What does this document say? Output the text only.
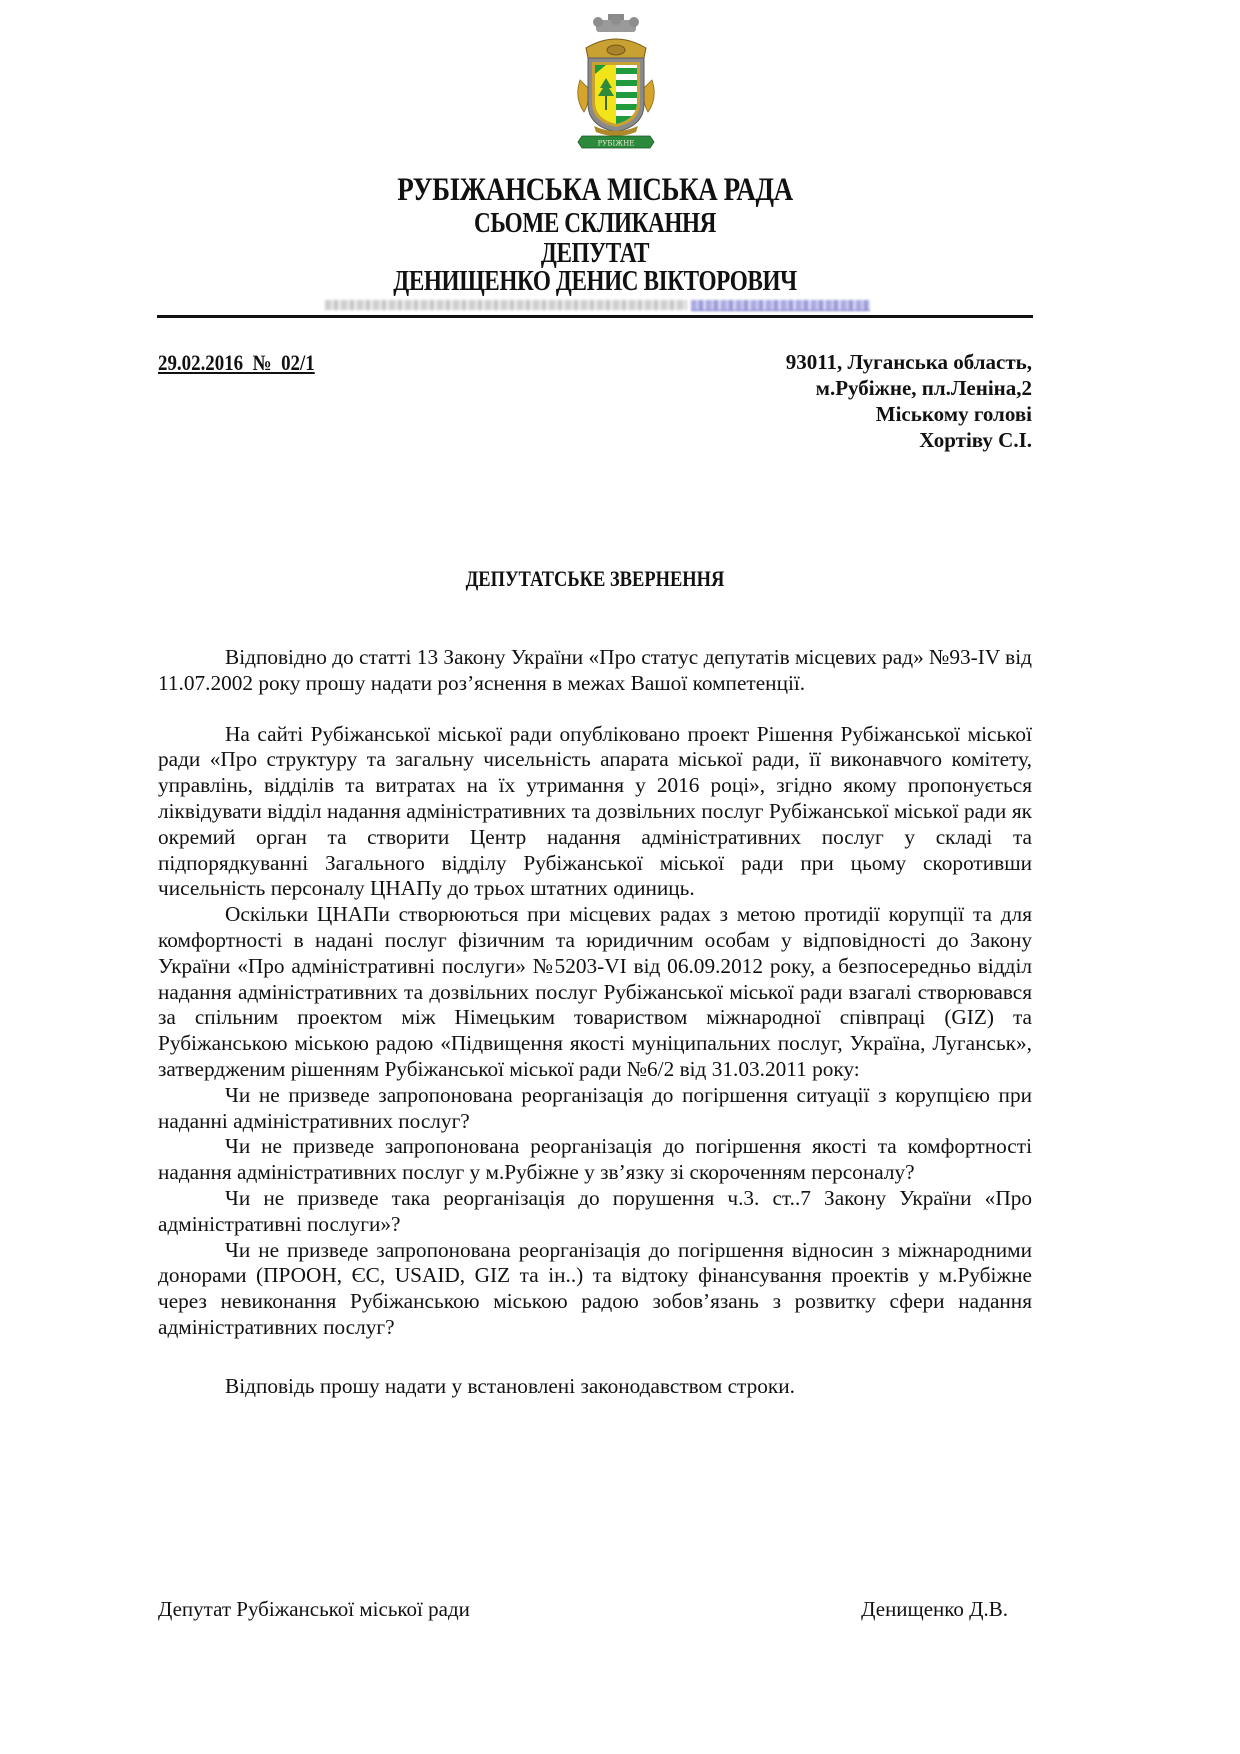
РУБІЖНЕ
РУБІЖАНСЬКА МІСЬКА РАДА
СЬОМЕ СКЛИКАННЯ
ДЕПУТАТ
ДЕНИЩЕНКО ДЕНИС ВІКТОРОВИЧ
29.02.2016  №  02/1	93011, Луганська область,
м.Рубіжне, пл.Леніна,2
Міському голові
Хортіву С.І.
ДЕПУТАТСЬКЕ ЗВЕРНЕННЯ

Відповідно до статті 13 Закону України «Про статус депутатів місцевих рад» №93-IV від 11.07.2002 року прошу надати роз’яснення в межах Вашої компетенції.

На сайті Рубіжанської міської ради опубліковано проект Рішення Рубіжанської міської ради «Про структуру та загальну чисельність апарата міської ради, її виконавчого комітету, управлінь, відділів та витратах на їх утримання у 2016 році», згідно якому пропонується ліквідувати відділ надання адміністративних та дозвільних послуг Рубіжанської міської ради як окремий орган та створити Центр надання адміністративних послуг у складі та підпорядкуванні Загального відділу Рубіжанської міської ради при цьому скоротивши чисельність персоналу ЦНАПу до трьох штатних одиниць.

Оскільки ЦНАПи створюються при місцевих радах з метою протидії корупції та для комфортності в надані послуг фізичним та юридичним особам у відповідності до Закону України «Про адміністративні послуги» №5203-VI від 06.09.2012 року, а безпосередньо відділ надання адміністративних та дозвільних послуг Рубіжанської міської ради взагалі створювався за спільним проектом між Німецьким товариством міжнародної співпраці (GIZ) та Рубіжанською міською радою «Підвищення якості муніципальних послуг, Україна, Луганськ», затвердженим рішенням Рубіжанської міської ради №6/2 від 31.03.2011 року:

Чи не призведе запропонована реорганізація до погіршення ситуації з корупцією при наданні адміністративних послуг?

Чи не призведе запропонована реорганізація до погіршення якості та комфортності надання адміністративних послуг у м.Рубіжне у зв’язку зі скороченням персоналу?

Чи не призведе така реорганізація до порушення ч.3. ст..7 Закону України «Про адміністративні послуги»?

Чи не призведе запропонована реорганізація до погіршення відносин з міжнародними донорами (ПРООН, ЄС, USAID, GIZ та ін..) та відтоку фінансування проектів у м.Рубіжне через невиконання Рубіжанською міською радою зобов’язань з розвитку сфери надання адміністративних послуг?

Відповідь прошу надати у встановлені законодавством строки.

Депутат Рубіжанської міської ради	Денищенко Д.В.
